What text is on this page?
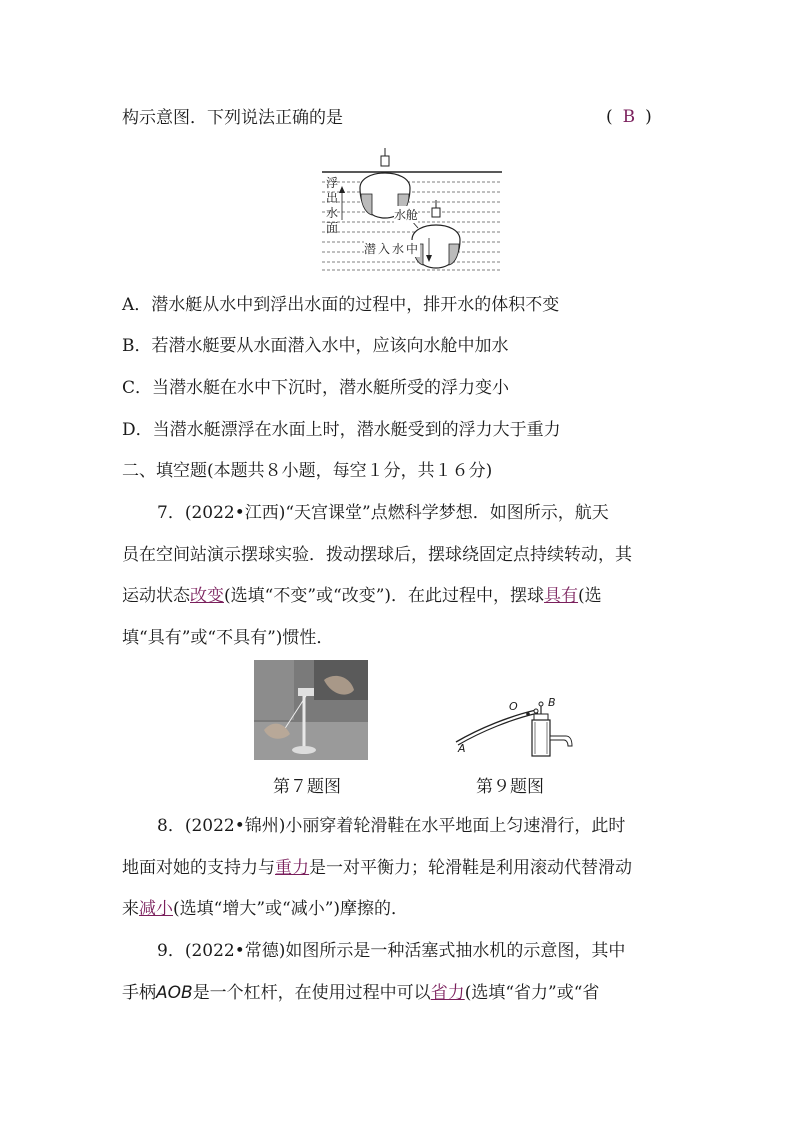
构示意图．下列说法正确的是	( B )
浮出水面
水舱
潜入水中
A．潜水艇从水中到浮出水面的过程中，排开水的体积不变
B．若潜水艇要从水面潜入水中，应该向水舱中加水
C．当潜水艇在水中下沉时，潜水艇所受的浮力变小
D．当潜水艇漂浮在水面上时，潜水艇受到的浮力大于重力
二、填空题(本题共８小题，每空１分，共１６分)
7．(2022•江西)“天宫课堂”点燃科学梦想．如图所示，航天
员在空间站演示摆球实验．拨动摆球后，摆球绕固定点持续转动，其
运动状态改变(选填“不变”或“改变”)．在此过程中，摆球具有(选
填“具有”或“不具有”)惯性．
第７题图
O	B
A
第９题图
8．(2022•锦州)小丽穿着轮滑鞋在水平地面上匀速滑行，此时
地面对她的支持力与重力是一对平衡力；轮滑鞋是利用滚动代替滑动
来减小(选填“增大”或“减小”)摩擦的．
9．(2022•常德)如图所示是一种活塞式抽水机的示意图，其中
手柄AOB是一个杠杆，在使用过程中可以省力(选填“省力”或“省
